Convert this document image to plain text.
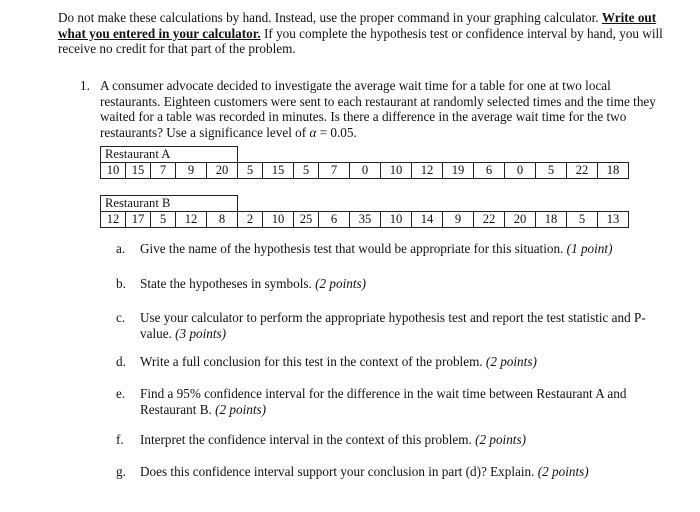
Do not make these calculations by hand. Instead, use the proper command in your graphing calculator. Write out what you entered in your calculator. If you complete the hypothesis test or confidence interval by hand, you will receive no credit for that part of the problem.
1. A consumer advocate decided to investigate the average wait time for a table for one at two local restaurants. Eighteen customers were sent to each restaurant at randomly selected times and the time they waited for a table was recorded in minutes. Is there a difference in the average wait time for the two restaurants? Use a significance level of α = 0.05.
Restaurant A
10	15	7	9	20	5	15	5	7	0	10	12	19	6	0	5	22	18
Restaurant B
12	17	5	12	8	2	10	25	6	35	10	14	9	22	20	18	5	13
a. Give the name of the hypothesis test that would be appropriate for this situation. (1 point)
b. State the hypotheses in symbols. (2 points)
c. Use your calculator to perform the appropriate hypothesis test and report the test statistic and P-value. (3 points)
d. Write a full conclusion for this test in the context of the problem. (2 points)
e. Find a 95% confidence interval for the difference in the wait time between Restaurant A and Restaurant B. (2 points)
f. Interpret the confidence interval in the context of this problem. (2 points)
g. Does this confidence interval support your conclusion in part (d)? Explain. (2 points)
